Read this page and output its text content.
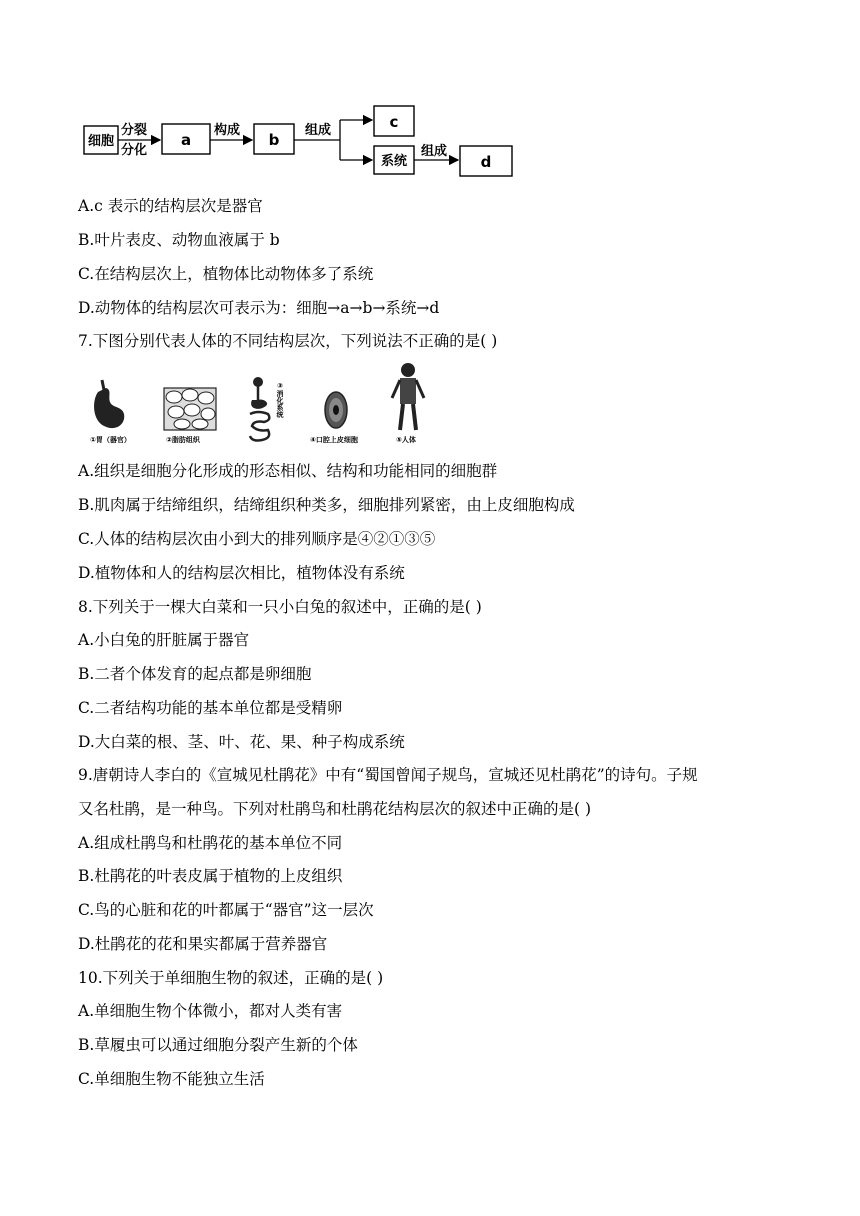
细胞
分裂
分化
a
构成
b
组成	c
系统
组成
d
A.c 表示的结构层次是器官
B.叶片表皮、动物血液属于 b
C.在结构层次上，植物体比动物体多了系统
D.动物体的结构层次可表示为：细胞→a→b→系统→d
7.下图分别代表人体的不同结构层次，下列说法不正确的是( )
①胃（器官）	②脂肪组织
③消化系统
④口腔上皮细胞	⑤人体
A.组织是细胞分化形成的形态相似、结构和功能相同的细胞群
B.肌肉属于结缔组织，结缔组织种类多，细胞排列紧密，由上皮细胞构成
C.人体的结构层次由小到大的排列顺序是④②①③⑤
D.植物体和人的结构层次相比，植物体没有系统
8.下列关于一棵大白菜和一只小白兔的叙述中，正确的是( )
A.小白兔的肝脏属于器官
B.二者个体发育的起点都是卵细胞
C.二者结构功能的基本单位都是受精卵
D.大白菜的根、茎、叶、花、果、种子构成系统
9.唐朝诗人李白的《宣城见杜鹃花》中有“蜀国曾闻子规鸟，宣城还见杜鹃花”的诗句。子规
又名杜鹃，是一种鸟。下列对杜鹃鸟和杜鹃花结构层次的叙述中正确的是( )
A.组成杜鹃鸟和杜鹃花的基本单位不同
B.杜鹃花的叶表皮属于植物的上皮组织
C.鸟的心脏和花的叶都属于“器官”这一层次
D.杜鹃花的花和果实都属于营养器官
10.下列关于单细胞生物的叙述，正确的是( )
A.单细胞生物个体微小，都对人类有害
B.草履虫可以通过细胞分裂产生新的个体
C.单细胞生物不能独立生活
